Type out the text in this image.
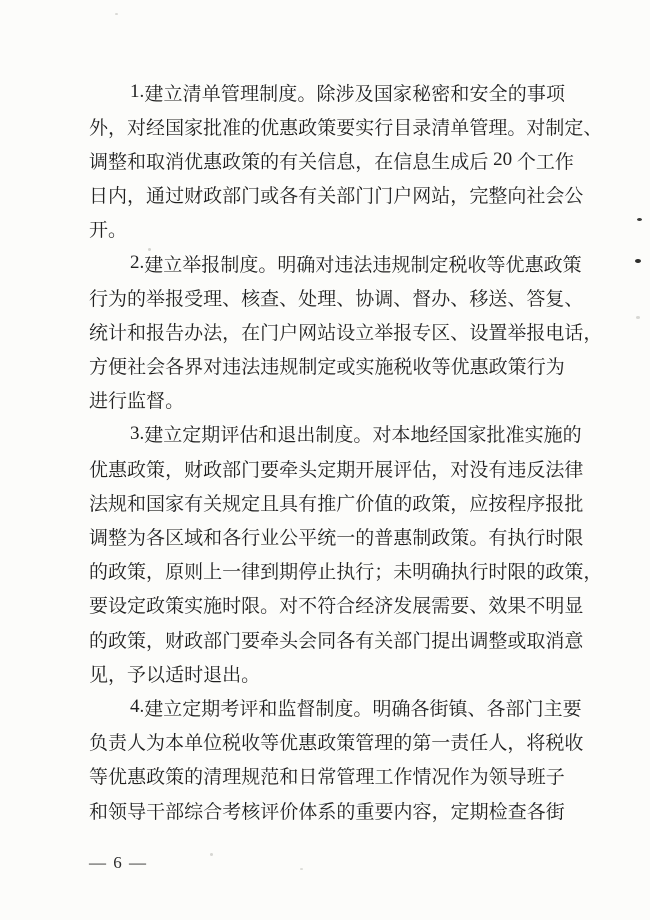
1. 建 立 清 单 管 理 制 度 。 除 涉 及 国 家 秘 密 和 安 全 的 事 项
外 ， 对 经 国 家 批 准 的 优 惠 政 策 要 实 行 目 录 清 单 管 理 。 对 制 定 、
调 整 和 取 消 优 惠 政 策 的 有 关 信 息 ， 在 信 息 生 成 后
20
个 工 作
日 内 ， 通 过 财 政 部 门 或 各 有 关 部 门 门 户 网 站 ， 完 整 向 社 会 公
开 。
2. 建 立 举 报 制 度 。 明 确 对 违 法 违 规 制 定 税 收 等 优 惠 政 策
行 为 的 举 报 受 理 、 核 查 、 处 理 、 协 调 、 督 办 、 移 送 、 答 复 、
统 计 和 报 告 办 法 ， 在 门 户 网 站 设 立 举 报 专 区 、 设 置 举 报 电 话 ，
方 便 社 会 各 界 对 违 法 违 规 制 定 或 实 施 税 收 等 优 惠 政 策 行 为
进 行 监 督 。
3. 建 立 定 期 评 估 和 退 出 制 度 。 对 本 地 经 国 家 批 准 实 施 的
优 惠 政 策 ， 财 政 部 门 要 牵 头 定 期 开 展 评 估 ， 对 没 有 违 反 法 律
法 规 和 国 家 有 关 规 定 且 具 有 推 广 价 值 的 政 策 ， 应 按 程 序 报 批
调 整 为 各 区 域 和 各 行 业 公 平 统 一 的 普 惠 制 政 策 。 有 执 行 时 限
的 政 策 ， 原 则 上 一 律 到 期 停 止 执 行 ； 未 明 确 执 行 时 限 的 政 策 ，
要 设 定 政 策 实 施 时 限 。 对 不 符 合 经 济 发 展 需 要 、 效 果 不 明 显
的 政 策 ， 财 政 部 门 要 牵 头 会 同 各 有 关 部 门 提 出 调 整 或 取 消 意
见 ， 予 以 适 时 退 出 。
4. 建 立 定 期 考 评 和 监 督 制 度 。 明 确 各 街 镇 、 各 部 门 主 要
负 责 人 为 本 单 位 税 收 等 优 惠 政 策 管 理 的 第 一 责 任 人 ， 将 税 收
等 优 惠 政 策 的 清 理 规 范 和 日 常 管 理 工 作 情 况 作 为 领 导 班 子
和 领 导 干 部 综 合 考 核 评 价 体 系 的 重 要 内 容 ， 定 期 检 查 各 街
— 6 —
